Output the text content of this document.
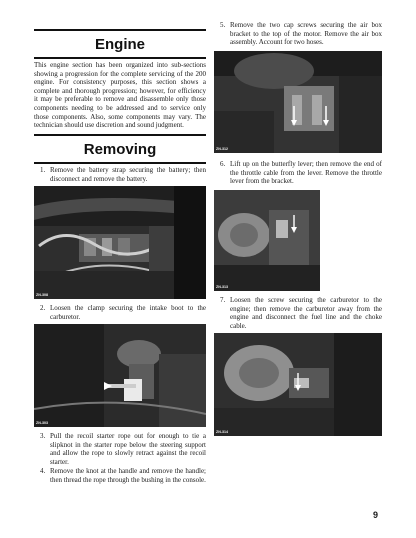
Engine
This engine section has been organized into sub-sections showing a progression for the complete servicing of the 200 engine. For consistency purposes, this section shows a complete and thorough progression; however, for efficiency it may be preferable to remove and disassemble only those components needing to be addressed and to service only those components. Also, some components may vary. The technician should use discretion and sound judgment.
Removing
1. Remove the battery strap securing the battery; then disconnect and remove the battery.
ZN-308
2. Loosen the clamp securing the intake boot to the carburetor.
ZN-303
3. Pull the recoil starter rope out for enough to tie a slipknot in the starter rope below the steering support and allow the rope to slowly retract against the recoil starter.
4. Remove the knot at the handle and remove the handle; then thread the rope through the bushing in the console.
5. Remove the two cap screws securing the air box bracket to the top of the motor. Remove the air box assembly. Account for two hoses.
ZN-312
6. Lift up on the butterfly lever; then remove the end of the throttle cable from the lever. Remove the throttle lever from the bracket.
ZN-313
7. Loosen the screw securing the carburetor to the engine; then remove the carburetor away from the engine and disconnect the fuel line and the choke cable.
ZN-314
9
